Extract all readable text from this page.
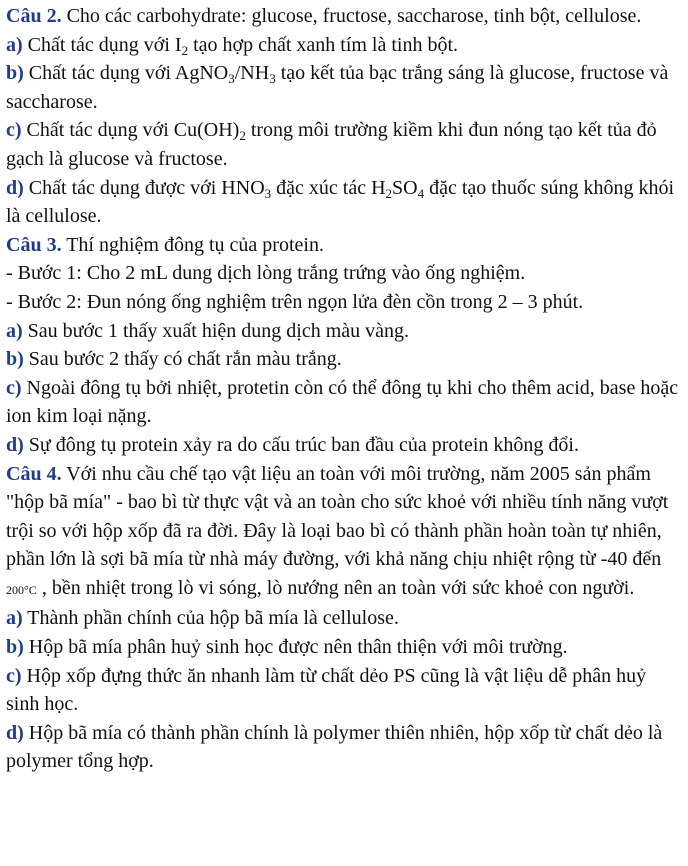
Câu 2. Cho các carbohydrate: glucose, fructose, saccharose, tinh bột, cellulose.

a) Chất tác dụng với $I_2$ tạo hợp chất xanh tím là tinh bột.

b) Chất tác dụng với $AgNO_3/NH_3$ tạo kết tủa bạc trắng sáng là glucose, fructose và saccharose.

c) Chất tác dụng với $Cu(OH)_2$ trong môi trường kiềm khi đun nóng tạo kết tủa đỏ gạch là glucose và fructose.

d) Chất tác dụng được với $HNO_3$ đặc xúc tác $H_2SO_4$ đặc tạo thuốc súng không khói là cellulose.

Câu 3. Thí nghiệm đông tụ của protein.

- Bước 1: Cho 2 mL dung dịch lòng trắng trứng vào ống nghiệm.

- Bước 2: Đun nóng ống nghiệm trên ngọn lửa đèn cồn trong 2 – 3 phút.

a) Sau bước 1 thấy xuất hiện dung dịch màu vàng.

b) Sau bước 2 thấy có chất rắn màu trắng.

c) Ngoài đông tụ bởi nhiệt, protetin còn có thể đông tụ khi cho thêm acid, base hoặc ion kim loại nặng.

d) Sự đông tụ protein xảy ra do cấu trúc ban đầu của protein không đổi.

Câu 4. Với nhu cầu chế tạo vật liệu an toàn với môi trường, năm 2005 sản phẩm "hộp bã mía" - bao bì từ thực vật và an toàn cho sức khoẻ với nhiều tính năng vượt trội so với hộp xốp đã ra đời. Đây là loại bao bì có thành phần hoàn toàn tự nhiên, phần lớn là sợi bã mía từ nhà máy đường, với khả năng chịu nhiệt rộng từ -40 đến 200°C , bền nhiệt trong lò vi sóng, lò nướng nên an toàn với sức khoẻ con người.

a) Thành phần chính của hộp bã mía là cellulose.

b) Hộp bã mía phân huỷ sinh học được nên thân thiện với môi trường.

c) Hộp xốp đựng thức ăn nhanh làm từ chất dẻo PS cũng là vật liệu dễ phân huỷ sinh học.

d) Hộp bã mía có thành phần chính là polymer thiên nhiên, hộp xốp từ chất dẻo là polymer tổng hợp.
